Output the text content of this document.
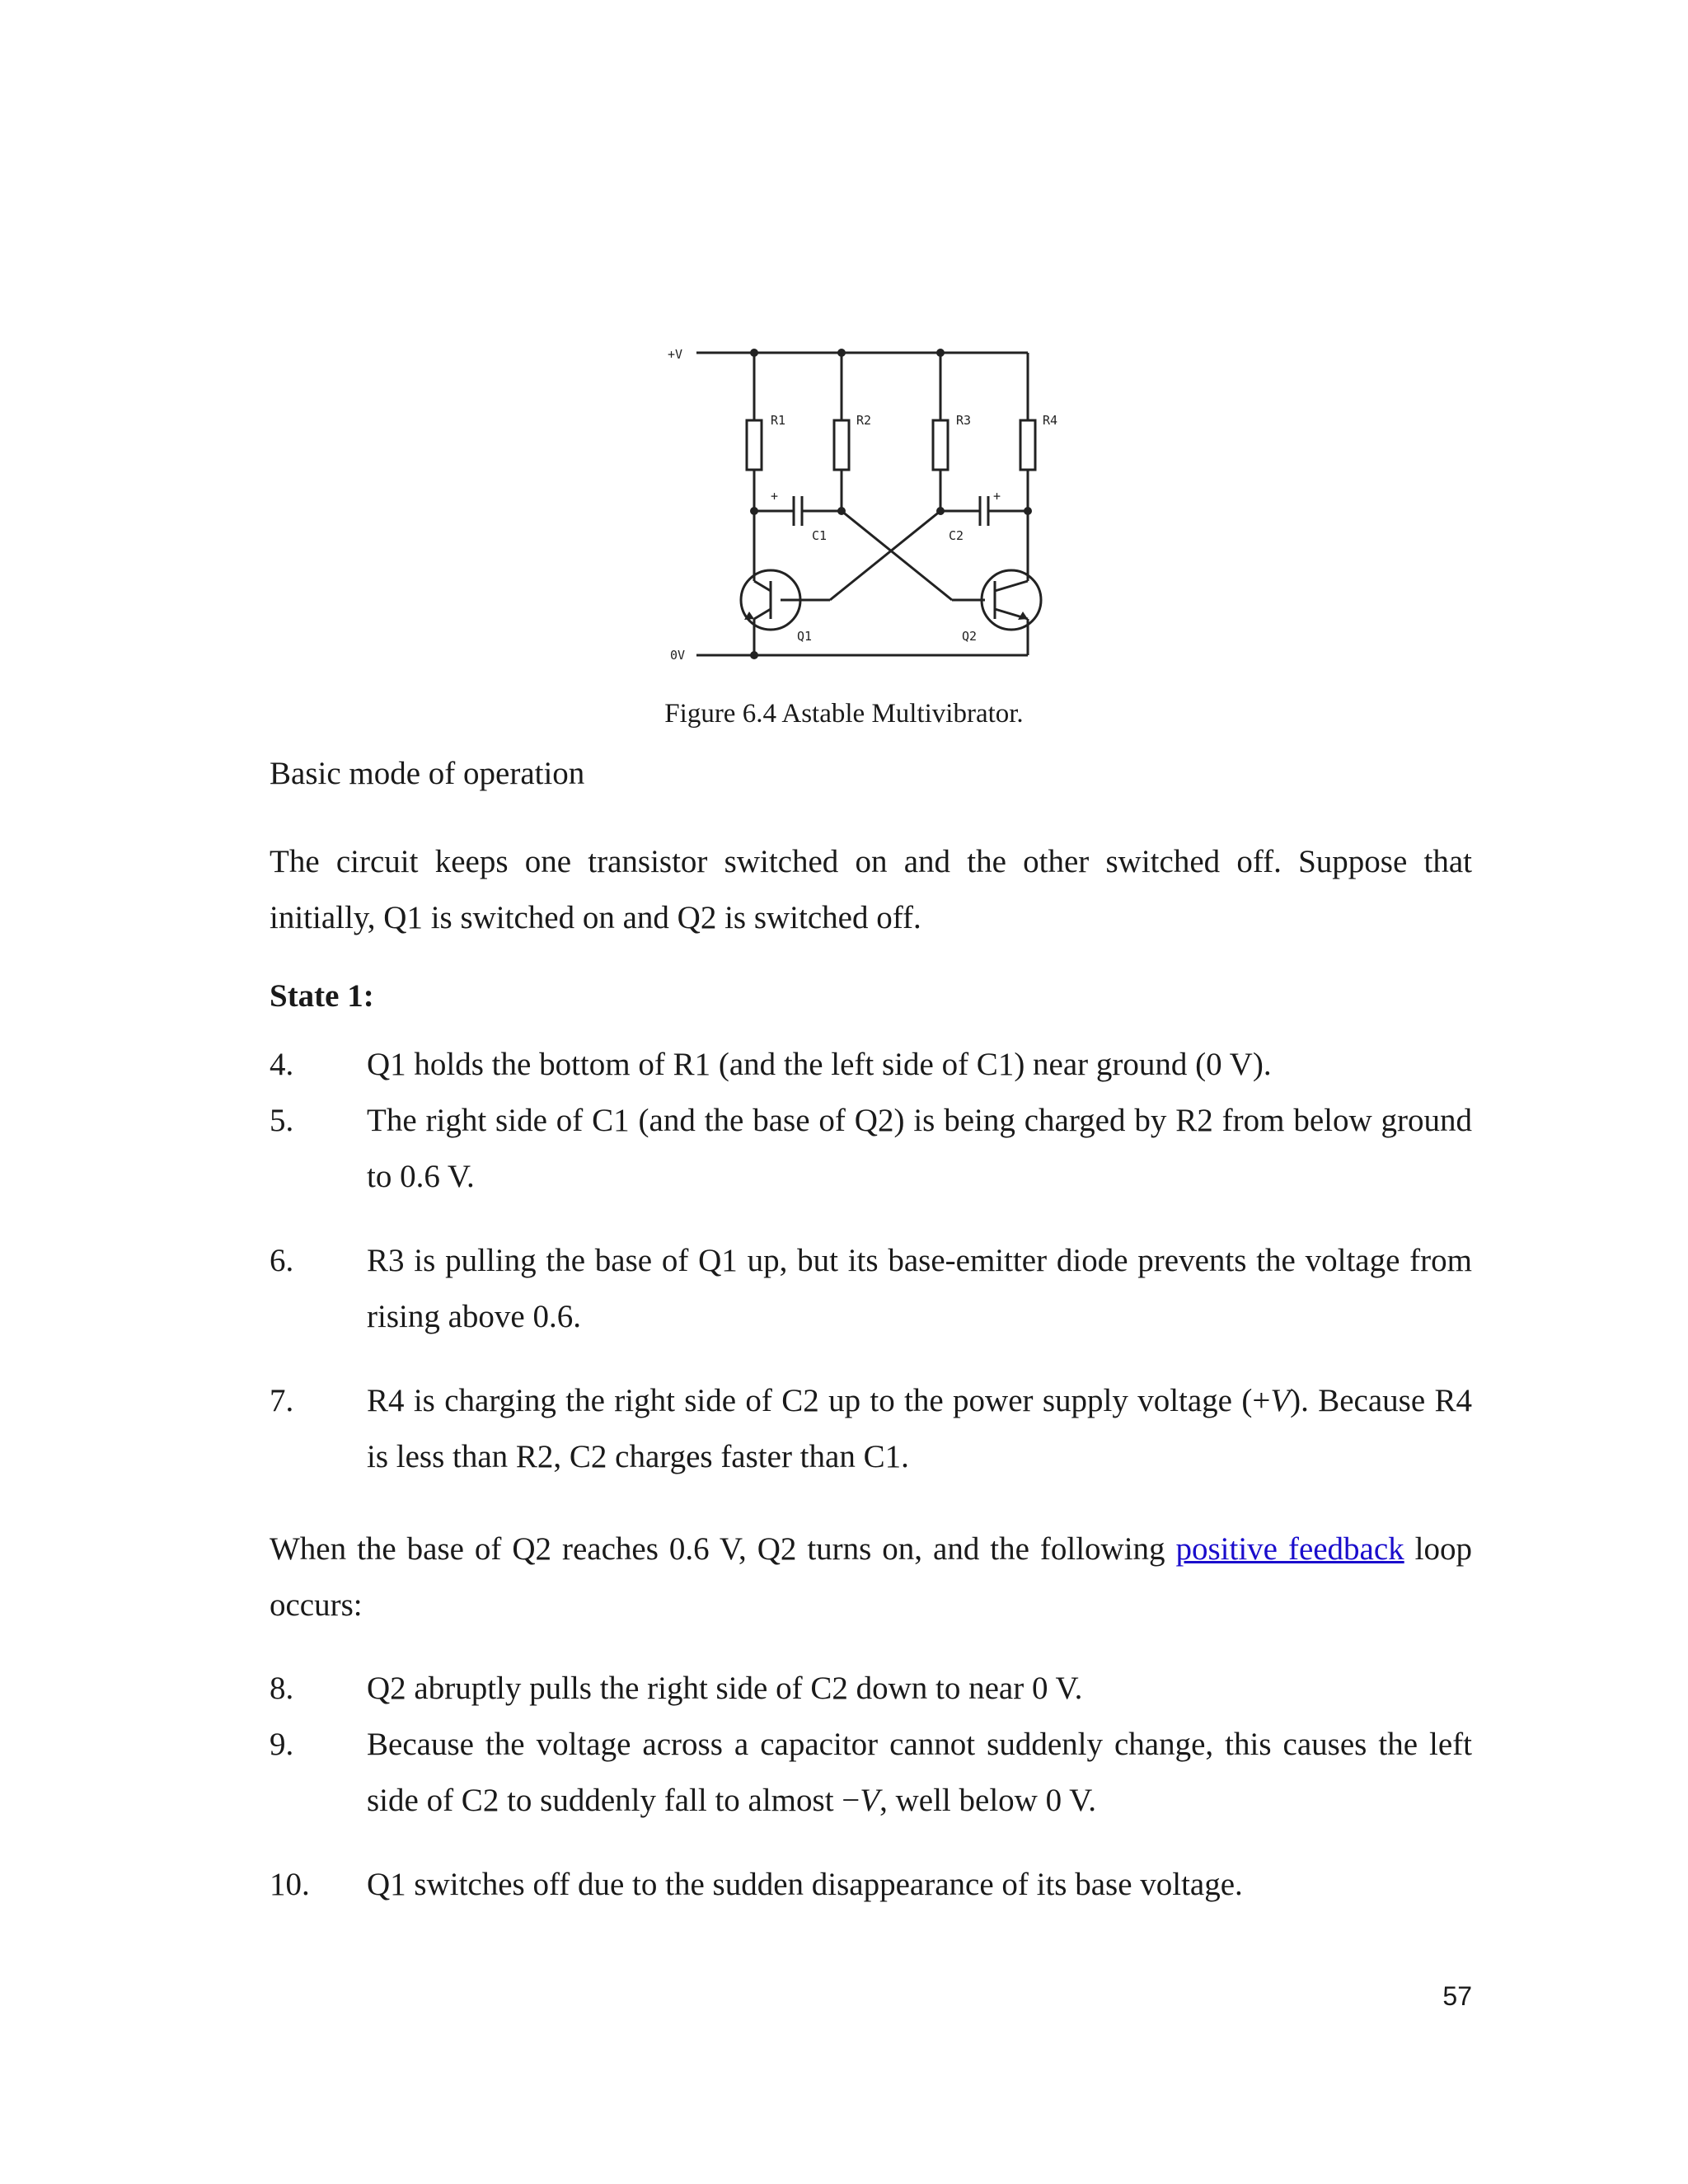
+V
0V
R1	R2	R3	R4
C1	C2
Q1	Q2
+	+
Figure 6.4 Astable Multivibrator.
Basic mode of operation
The circuit keeps one transistor switched on and the other switched off. Suppose that initially, Q1 is switched on and Q2 is switched off.
State 1:
4. Q1 holds the bottom of R1 (and the left side of C1) near ground (0 V).
5. The right side of C1 (and the base of Q2) is being charged by R2 from below ground to 0.6 V.
6. R3 is pulling the base of Q1 up, but its base-emitter diode prevents the voltage from rising above 0.6.
7. R4 is charging the right side of C2 up to the power supply voltage (+V). Because R4 is less than R2, C2 charges faster than C1.
When the base of Q2 reaches 0.6 V, Q2 turns on, and the following positive feedback loop occurs:
8. Q2 abruptly pulls the right side of C2 down to near 0 V.
9. Because the voltage across a capacitor cannot suddenly change, this causes the left side of C2 to suddenly fall to almost −V, well below 0 V.
10. Q1 switches off due to the sudden disappearance of its base voltage.
57
